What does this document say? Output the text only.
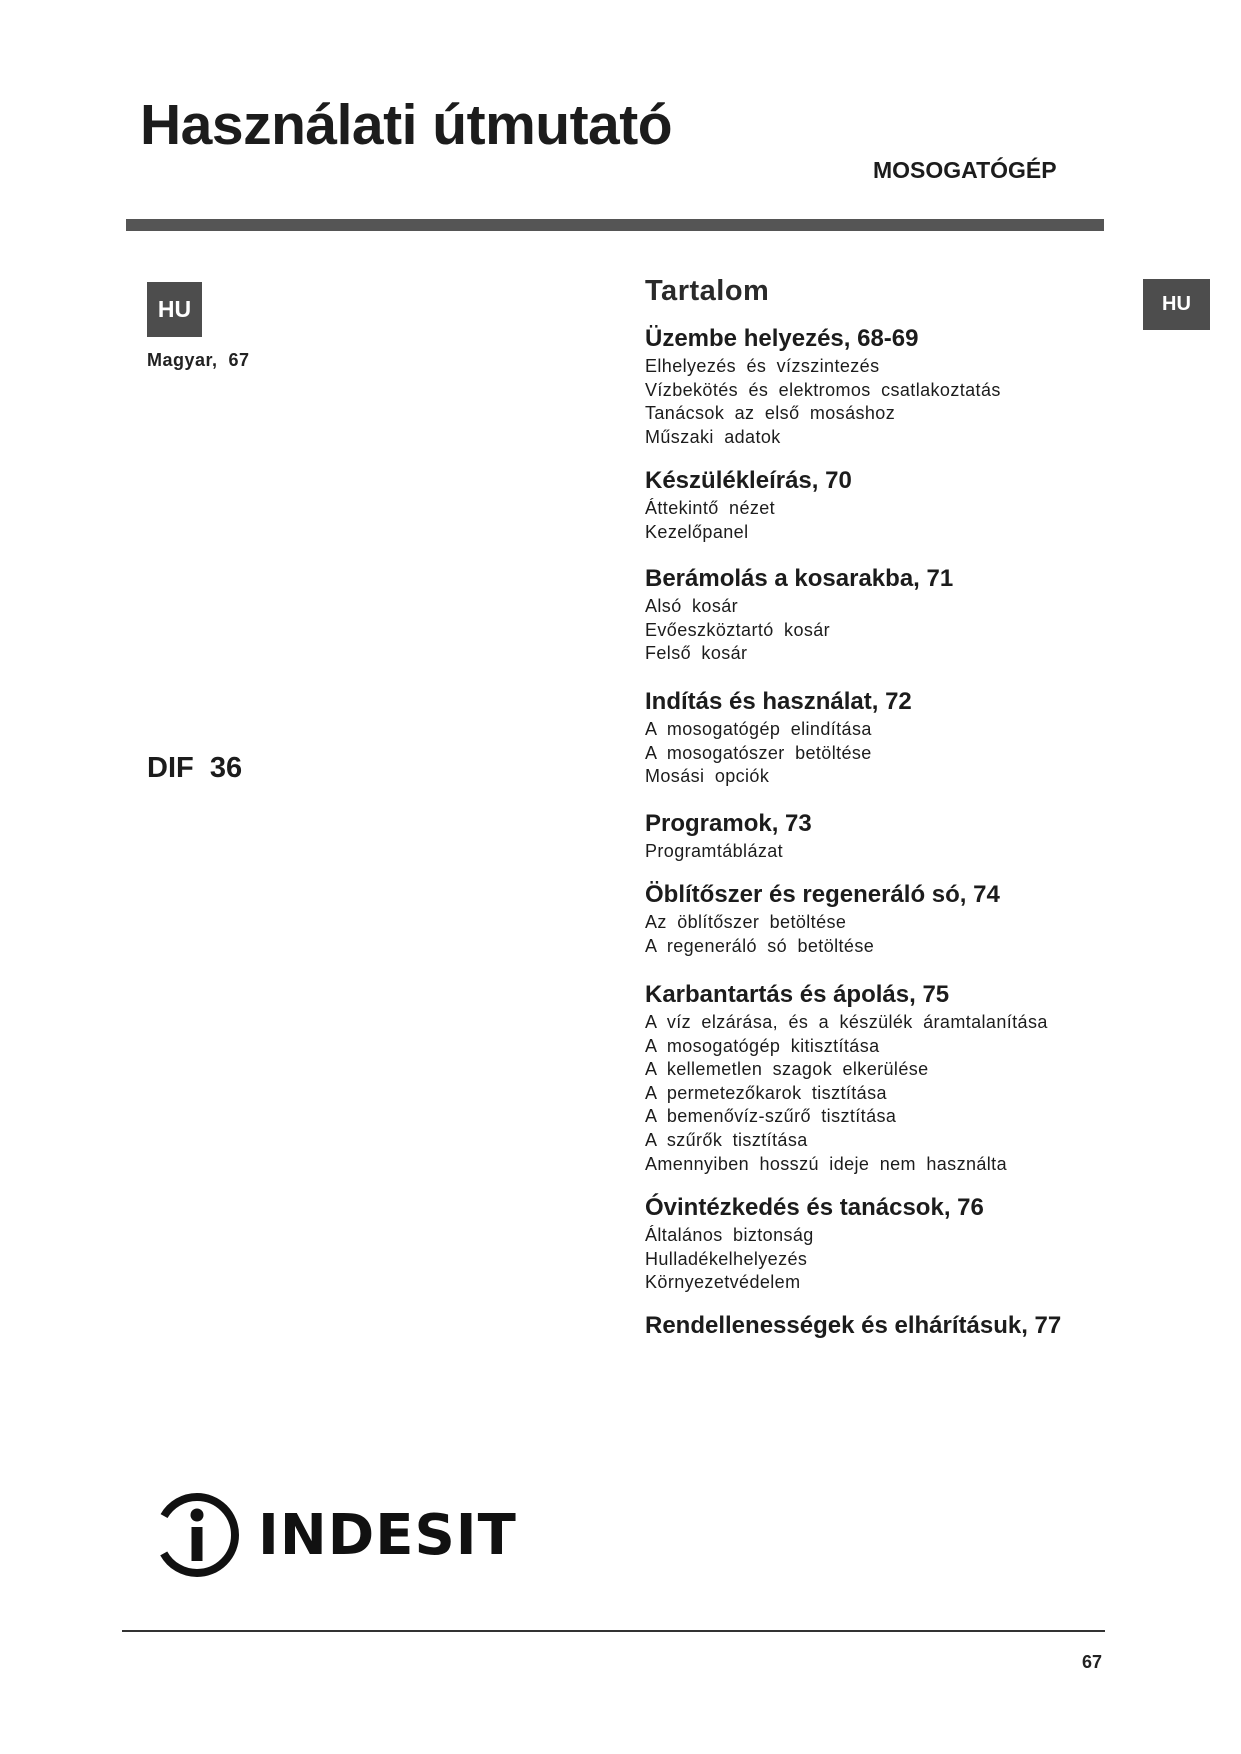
Használati útmutató
MOSOGATÓGÉP
HU
Magyar,  67
DIF  36
HU
Tartalom
Üzembe helyezés, 68-69
Elhelyezés és vízszintezés
Vízbekötés és elektromos csatlakoztatás
Tanácsok az első mosáshoz
Műszaki adatok
Készülékleírás, 70
Áttekintő nézet
Kezelőpanel
Berámolás a kosarakba, 71
Alsó kosár
Evőeszköztartó kosár
Felső kosár
Indítás és használat, 72
A mosogatógép elindítása
A mosogatószer betöltése
Mosási opciók
Programok, 73
Programtáblázat
Öblítőszer és regeneráló só, 74
Az öblítőszer betöltése
A regeneráló só betöltése
Karbantartás és ápolás, 75
A víz elzárása, és a készülék áramtalanítása
A mosogatógép kitisztítása
A kellemetlen szagok elkerülése
A permetezőkarok tisztítása
A bemenővíz-szűrő tisztítása
A szűrők tisztítása
Amennyiben hosszú ideje nem használta
Óvintézkedés és tanácsok, 76
Általános biztonság
Hulladékelhelyezés
Környezetvédelem
Rendellenességek és elhárításuk, 77
INDESIT
67
